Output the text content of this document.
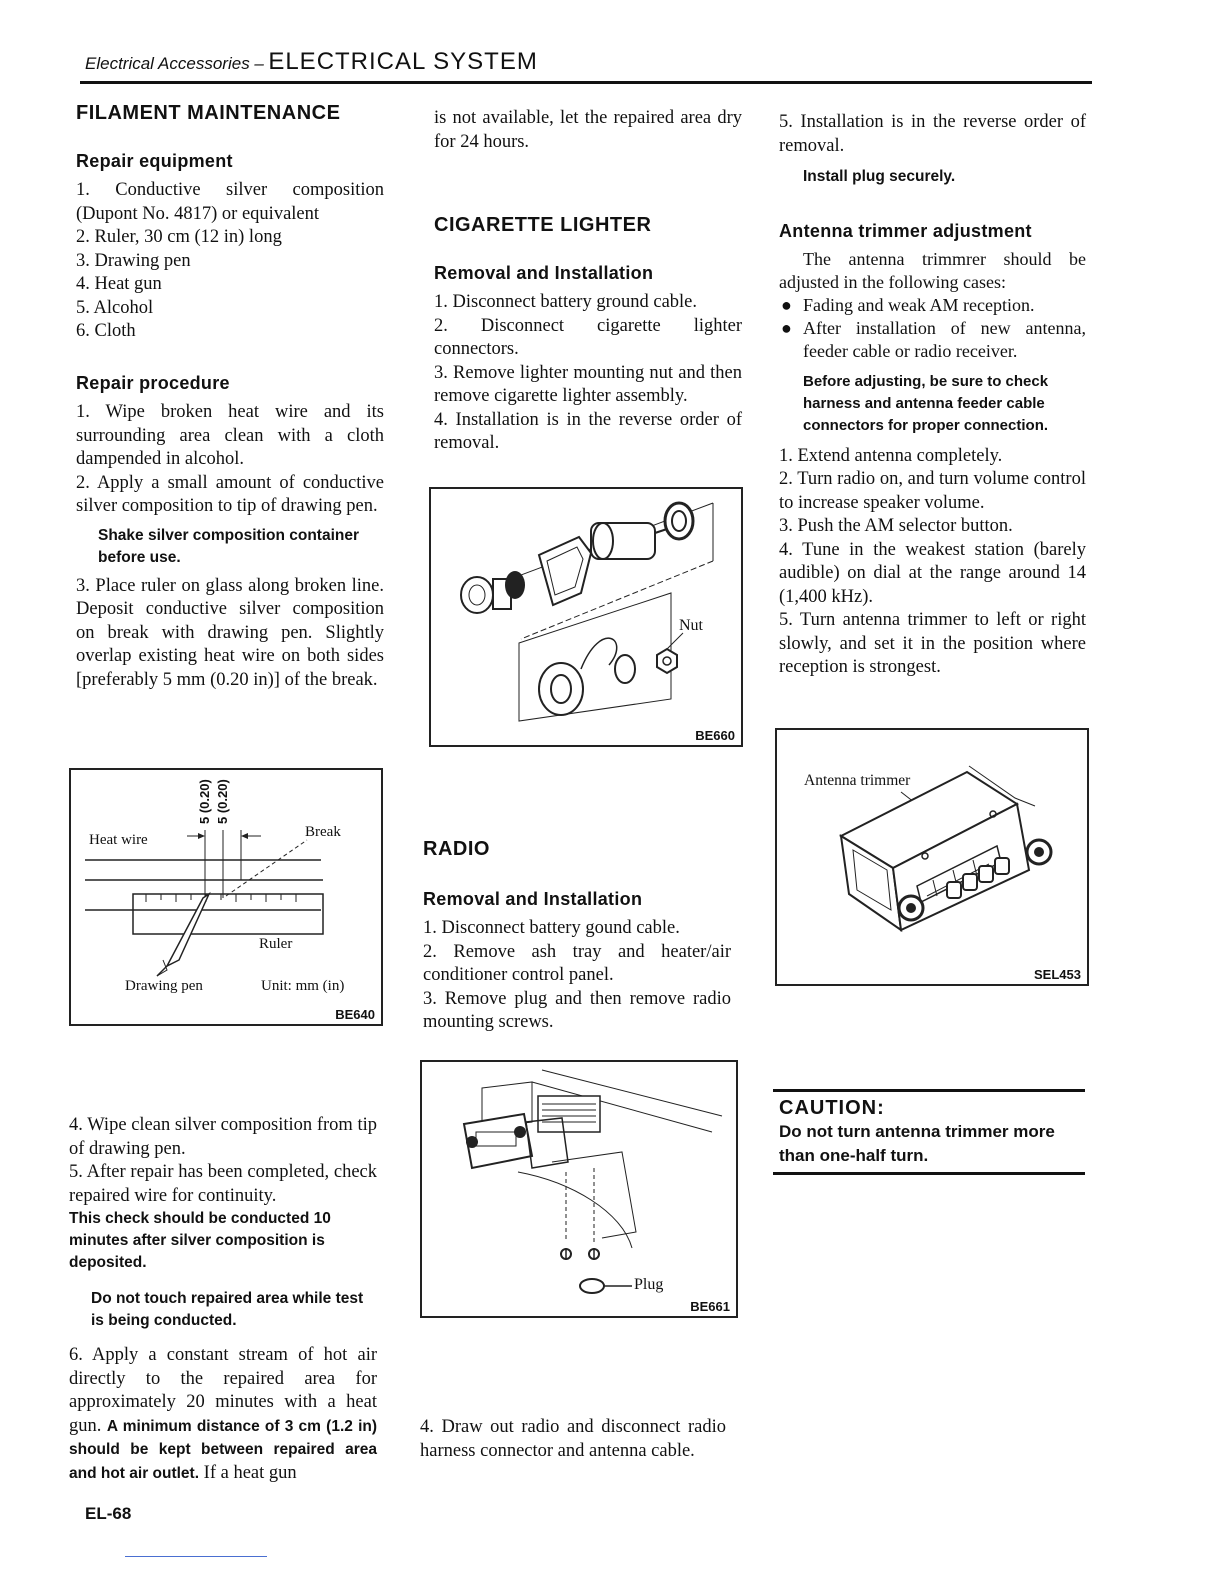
Electrical Accessories – ELECTRICAL SYSTEM

FILAMENT MAINTENANCE

Repair equipment

1. Conductive silver composition (Dupont No. 4817) or equivalent

2. Ruler, 30 cm (12 in) long

3. Drawing pen

4. Heat gun

5. Alcohol

6. Cloth

Repair procedure

1. Wipe broken heat wire and its surrounding area clean with a cloth dampended in alcohol.

2. Apply a small amount of conductive silver composition to tip of drawing pen.

Shake silver composition container before use.

3. Place ruler on glass along broken line. Deposit conductive silver composition on break with drawing pen. Slightly overlap existing heat wire on both sides [preferably 5 mm (0.20 in)] of the break.

Heat wire	Break
5 (0.20) 5 (0.20)
Ruler
Drawing pen	Unit: mm (in)
BE640

4. Wipe clean silver composition from tip of drawing pen.

5. After repair has been completed, check repaired wire for continuity.

This check should be conducted 10 minutes after silver composition is deposited.

Do not touch repaired area while test is being conducted.

6. Apply a constant stream of hot air directly to the repaired area for approximately 20 minutes with a heat gun. A minimum distance of 3 cm (1.2 in) should be kept between repaired area and hot air outlet. If a heat gun

is not available, let the repaired area dry for 24 hours.

CIGARETTE LIGHTER

Removal and Installation

1. Disconnect battery ground cable.

2. Disconnect cigarette lighter connectors.

3. Remove lighter mounting nut and then remove cigarette lighter assembly.

4. Installation is in the reverse order of removal.

Nut
BE660

RADIO

Removal and Installation

1. Disconnect battery gound cable.

2. Remove ash tray and heater/air conditioner control panel.

3. Remove plug and then remove radio mounting screws.

Plug
BE661

4. Draw out radio and disconnect radio harness connector and antenna cable.

5. Installation is in the reverse order of removal.

Install plug securely.

Antenna trimmer adjustment

The antenna trimmrer should be adjusted in the following cases:

● Fading and weak AM reception.

● After installation of new antenna, feeder cable or radio receiver.

Before adjusting, be sure to check harness and antenna feeder cable connectors for proper connection.

1. Extend antenna completely.

2. Turn radio on, and turn volume control to increase speaker volume.

3. Push the AM selector button.

4. Tune in the weakest station (barely audible) on dial at the range around 14 (1,400 kHz).

5. Turn antenna trimmer to left or right slowly, and set it in the position where reception is strongest.

Antenna trimmer
SEL453
CAUTION:
Do not turn antenna trimmer more than one-half turn.
EL-68
